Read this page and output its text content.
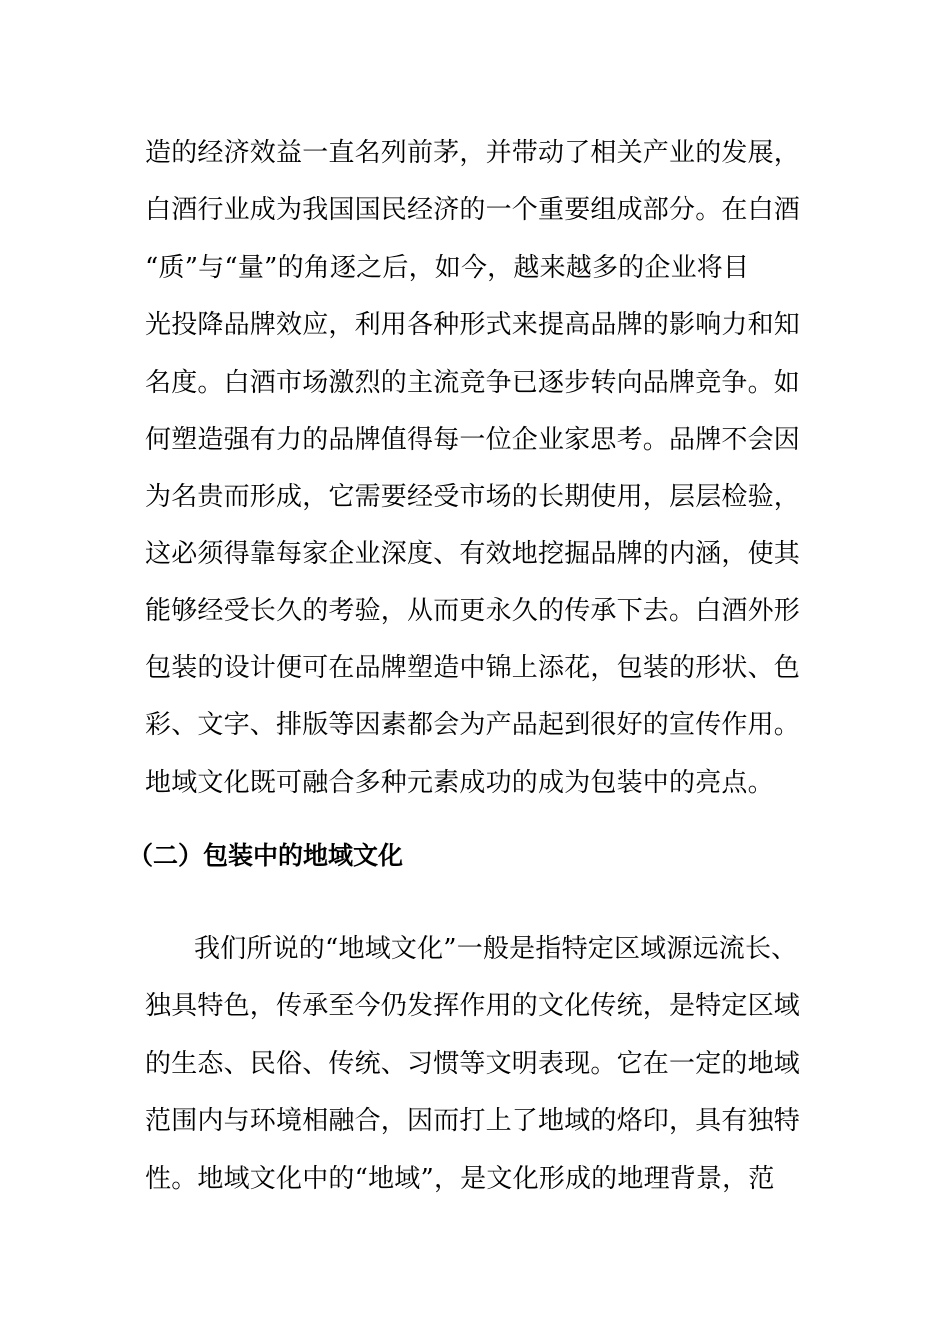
造的经济效益一直名列前茅，并带动了相关产业的发展，
白酒行业成为我国国民经济的一个重要组成部分。在白酒
“质”与“量”的角逐之后，如今，越来越多的企业将目
光投降品牌效应，利用各种形式来提高品牌的影响力和知
名度。白酒市场激烈的主流竞争已逐步转向品牌竞争。如
何塑造强有力的品牌值得每一位企业家思考。品牌不会因
为名贵而形成，它需要经受市场的长期使用，层层检验，
这必须得靠每家企业深度、有效地挖掘品牌的内涵，使其
能够经受长久的考验，从而更永久的传承下去。白酒外形
包装的设计便可在品牌塑造中锦上添花，包装的形状、色
彩、文字、排版等因素都会为产品起到很好的宣传作用。
地域文化既可融合多种元素成功的成为包装中的亮点。
（二）包装中的地域文化
我们所说的“地域文化”一般是指特定区域源远流长、
独具特色，传承至今仍发挥作用的文化传统，是特定区域
的生态、民俗、传统、习惯等文明表现。它在一定的地域
范围内与环境相融合，因而打上了地域的烙印，具有独特
性。地域文化中的“地域”，是文化形成的地理背景，范
